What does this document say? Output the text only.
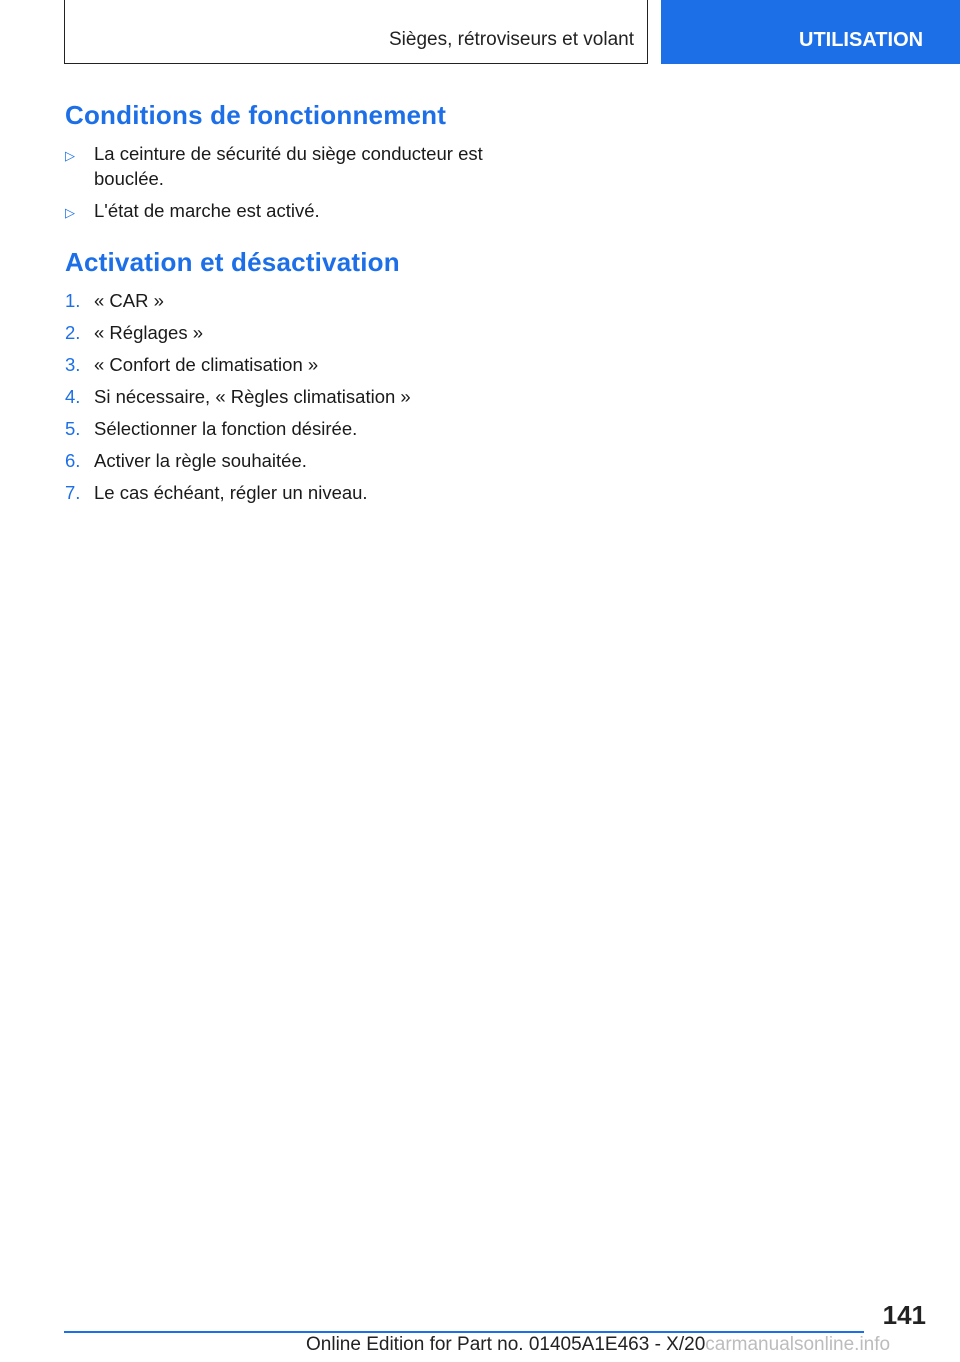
Sièges, rétroviseurs et volant	UTILISATION
Conditions de fonctionnement
▷ La ceinture de sécurité du siège conducteur est bouclée.
▷ L'état de marche est activé.
Activation et désactivation
1. « CAR »
2. « Réglages »
3. « Confort de climatisation »
4. Si nécessaire, « Règles climatisation »
5. Sélectionner la fonction désirée.
6. Activer la règle souhaitée.
7. Le cas échéant, régler un niveau.
141
Online Edition for Part no. 01405A1E463 - X/20carmanualsonline.info
